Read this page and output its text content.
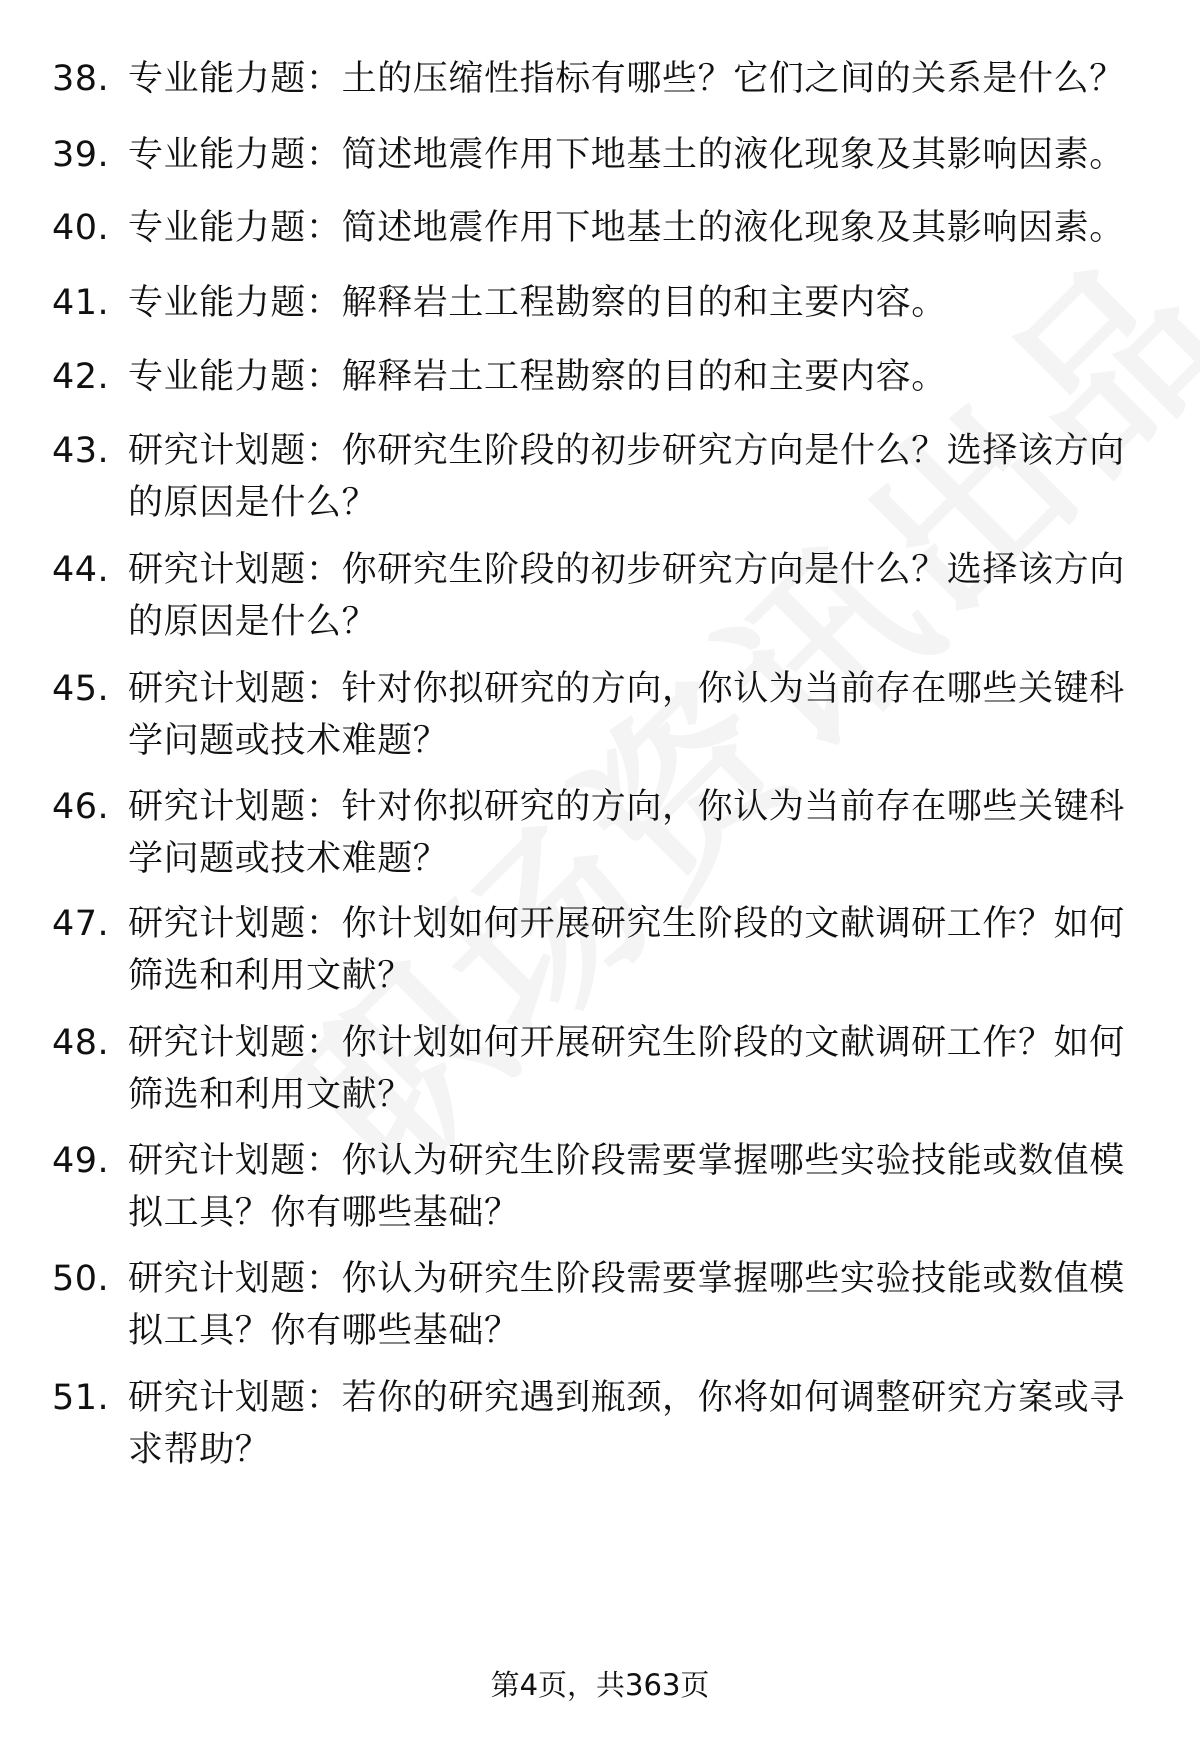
38. 专业能力题：土的压缩性指标有哪些？它们之间的关系是什么？
39. 专业能力题：简述地震作用下地基土的液化现象及其影响因素。
40. 专业能力题：简述地震作用下地基土的液化现象及其影响因素。
41. 专业能力题：解释岩土工程勘察的目的和主要内容。
42. 专业能力题：解释岩土工程勘察的目的和主要内容。
43. 研究计划题：你研究生阶段的初步研究方向是什么？选择该方向的原因是什么？
44. 研究计划题：你研究生阶段的初步研究方向是什么？选择该方向的原因是什么？
45. 研究计划题：针对你拟研究的方向，你认为当前存在哪些关键科学问题或技术难题？
46. 研究计划题：针对你拟研究的方向，你认为当前存在哪些关键科学问题或技术难题？
47. 研究计划题：你计划如何开展研究生阶段的文献调研工作？如何筛选和利用文献？
48. 研究计划题：你计划如何开展研究生阶段的文献调研工作？如何筛选和利用文献？
49. 研究计划题：你认为研究生阶段需要掌握哪些实验技能或数值模拟工具？你有哪些基础？
50. 研究计划题：你认为研究生阶段需要掌握哪些实验技能或数值模拟工具？你有哪些基础？
51. 研究计划题：若你的研究遇到瓶颈，你将如何调整研究方案或寻求帮助？
第4页，共363页
